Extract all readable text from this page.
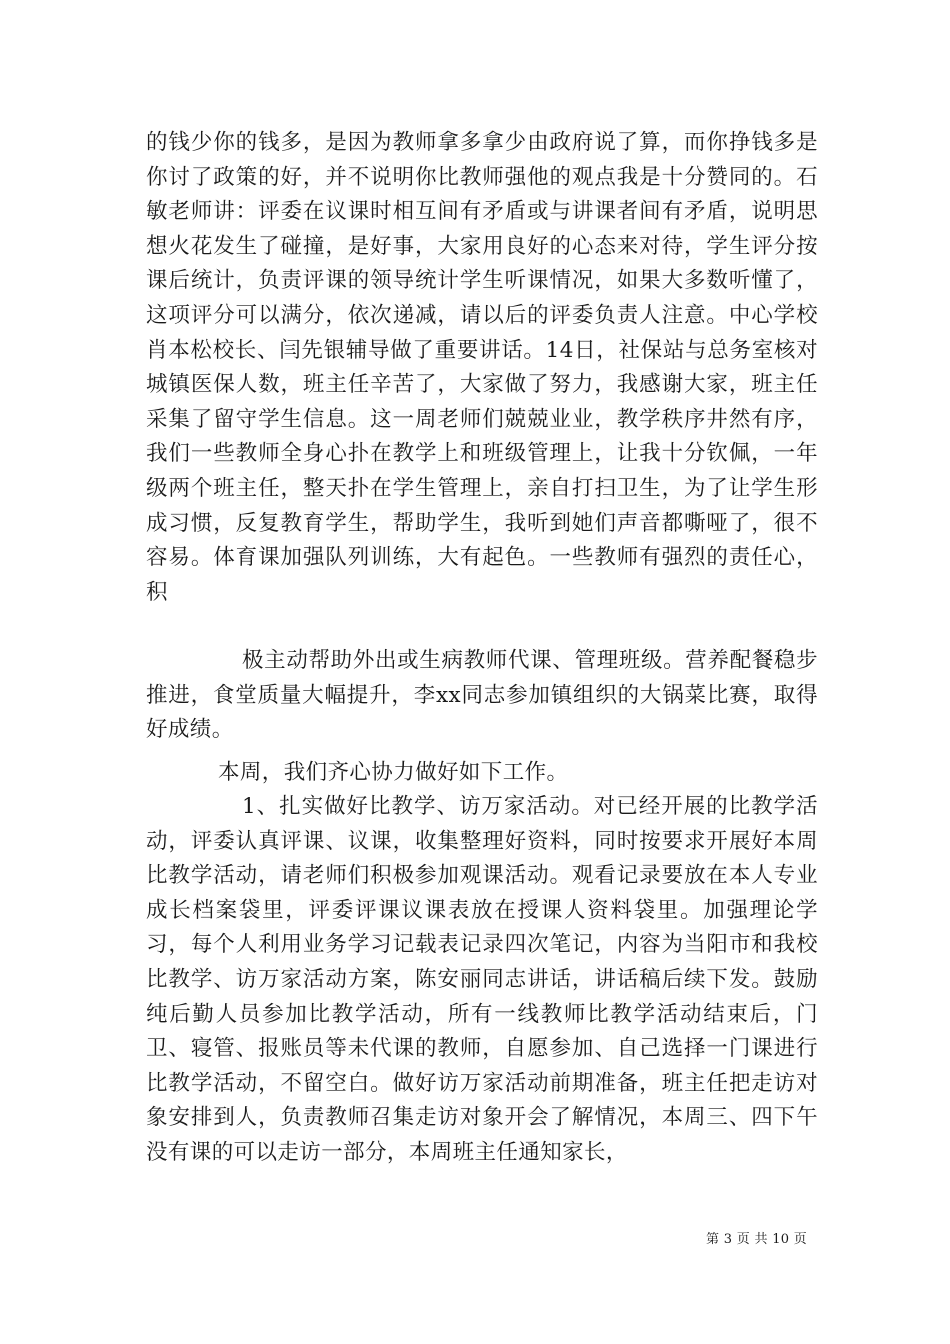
的钱少你的钱多，是因为教师拿多拿少由政府说了算，而你挣钱多是你讨了政策的好，并不说明你比教师强他的观点我是十分赞同的。石敏老师讲：评委在议课时相互间有矛盾或与讲课者间有矛盾，说明思想火花发生了碰撞，是好事，大家用良好的心态来对待，学生评分按课后统计，负责评课的领导统计学生听课情况，如果大多数听懂了，这项评分可以满分，依次递减，请以后的评委负责人注意。中心学校肖本松校长、闫先银辅导做了重要讲话。14日，社保站与总务室核对城镇医保人数，班主任辛苦了，大家做了努力，我感谢大家，班主任采集了留守学生信息。这一周老师们兢兢业业，教学秩序井然有序，我们一些教师全身心扑在教学上和班级管理上，让我十分钦佩，一年级两个班主任，整天扑在学生管理上，亲自打扫卫生，为了让学生形成习惯，反复教育学生，帮助学生，我听到她们声音都嘶哑了，很不容易。体育课加强队列训练，大有起色。一些教师有强烈的责任心，积

极主动帮助外出或生病教师代课、管理班级。营养配餐稳步推进，食堂质量大幅提升，李xx同志参加镇组织的大锅菜比赛，取得好成绩。

本周，我们齐心协力做好如下工作。

1、扎实做好比教学、访万家活动。对已经开展的比教学活动，评委认真评课、议课，收集整理好资料，同时按要求开展好本周比教学活动，请老师们积极参加观课活动。观看记录要放在本人专业成长档案袋里，评委评课议课表放在授课人资料袋里。加强理论学习，每个人利用业务学习记载表记录四次笔记，内容为当阳市和我校比教学、访万家活动方案，陈安丽同志讲话，讲话稿后续下发。鼓励纯后勤人员参加比教学活动，所有一线教师比教学活动结束后，门卫、寝管、报账员等未代课的教师，自愿参加、自己选择一门课进行比教学活动，不留空白。做好访万家活动前期准备，班主任把走访对象安排到人，负责教师召集走访对象开会了解情况，本周三、四下午没有课的可以走访一部分，本周班主任通知家长，

第 3 页 共 10 页
